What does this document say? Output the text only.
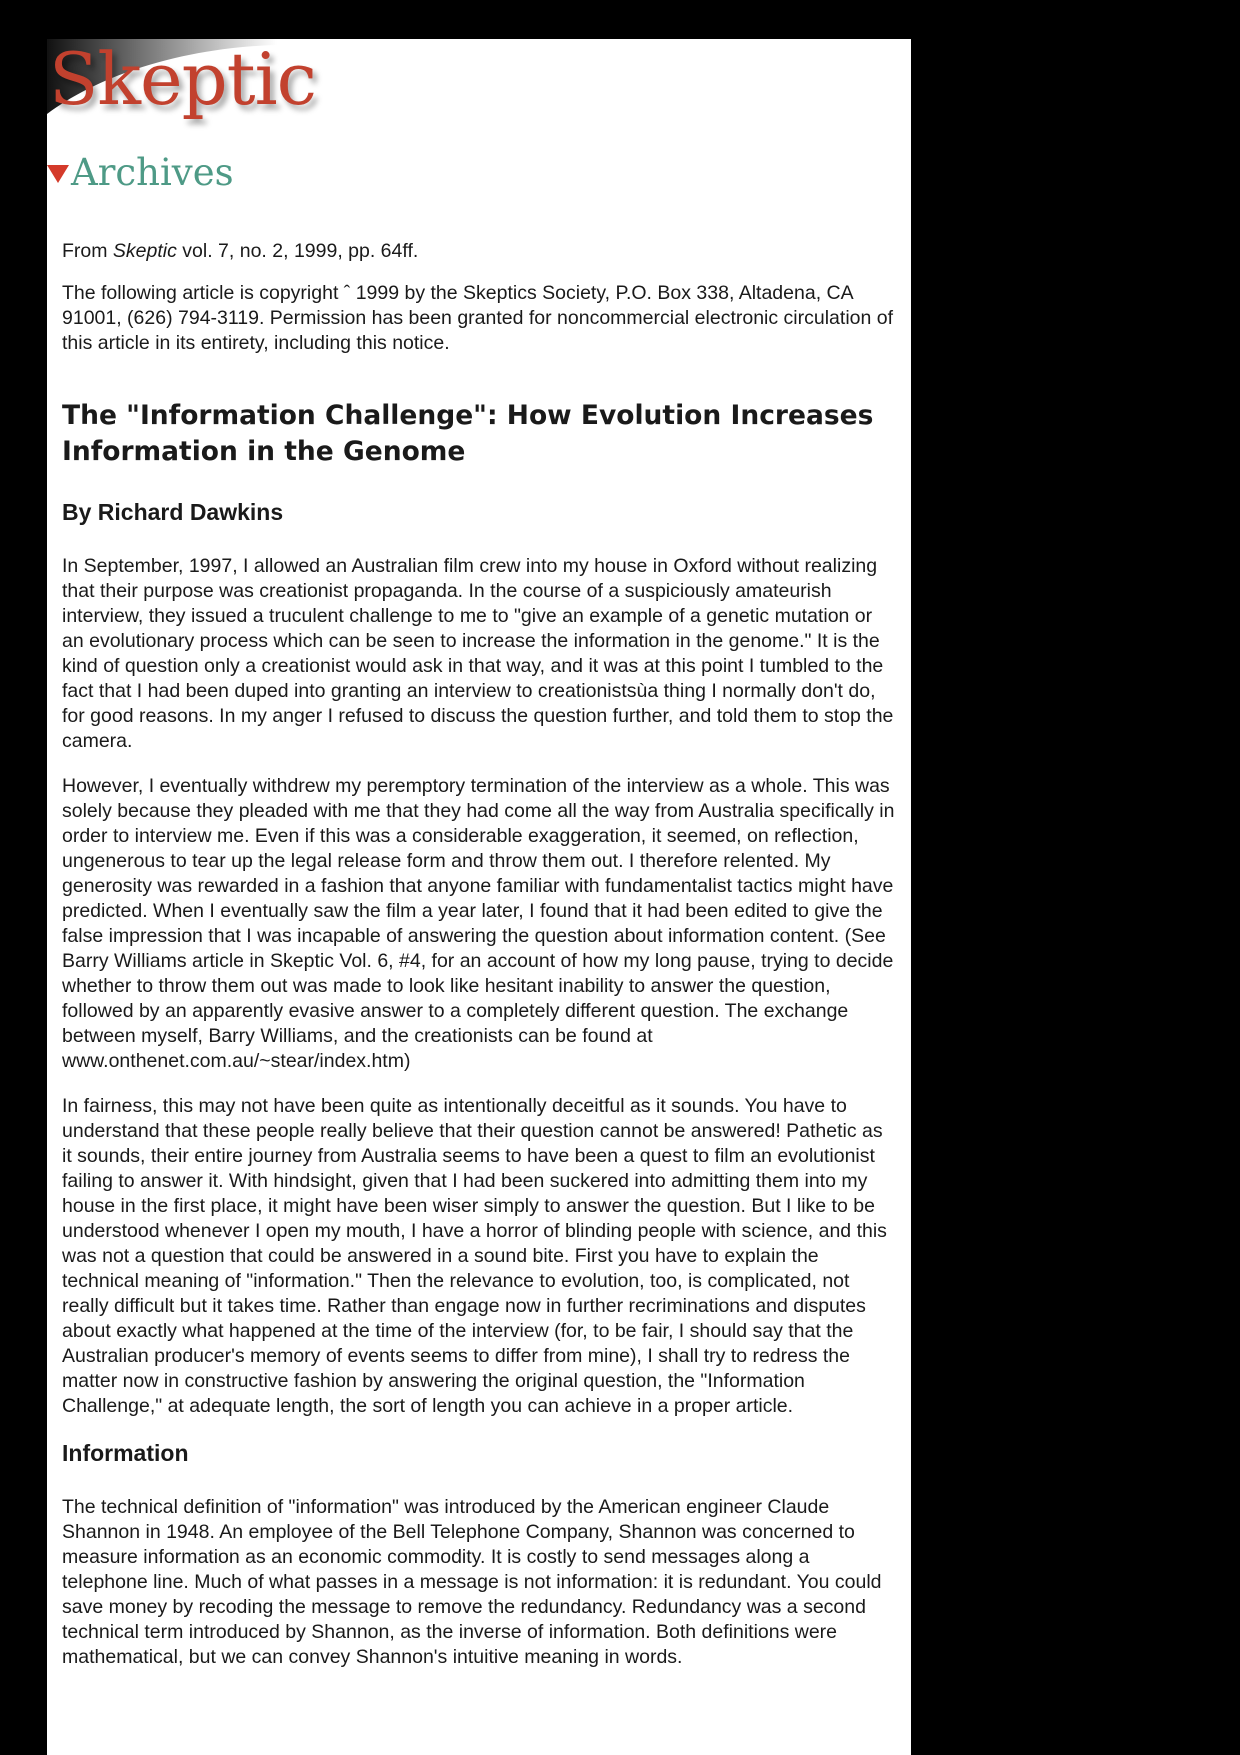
Skeptic
Archives

From Skeptic vol. 7, no. 2, 1999, pp. 64ff.

The following article is copyright ˆ 1999 by the Skeptics Society, P.O. Box 338, Altadena, CA 91001, (626) 794-3119. Permission has been granted for noncommercial electronic circulation of this article in its entirety, including this notice.

The "Information Challenge": How Evolution Increases Information in the Genome
By Richard Dawkins

In September, 1997, I allowed an Australian film crew into my house in Oxford without realizing that their purpose was creationist propaganda. In the course of a suspiciously amateurish interview, they issued a truculent challenge to me to "give an example of a genetic mutation or an evolutionary process which can be seen to increase the information in the genome." It is the kind of question only a creationist would ask in that way, and it was at this point I tumbled to the fact that I had been duped into granting an interview to creationistsùa thing I normally don't do, for good reasons. In my anger I refused to discuss the question further, and told them to stop the camera.

However, I eventually withdrew my peremptory termination of the interview as a whole. This was solely because they pleaded with me that they had come all the way from Australia specifically in order to interview me. Even if this was a considerable exaggeration, it seemed, on reflection, ungenerous to tear up the legal release form and throw them out. I therefore relented. My generosity was rewarded in a fashion that anyone familiar with fundamentalist tactics might have predicted. When I eventually saw the film a year later, I found that it had been edited to give the false impression that I was incapable of answering the question about information content. (See Barry Williams article in Skeptic Vol. 6, #4, for an account of how my long pause, trying to decide whether to throw them out was made to look like hesitant inability to answer the question, followed by an apparently evasive answer to a completely different question. The exchange between myself, Barry Williams, and the creationists can be found at www.onthenet.com.au/~stear/index.htm)

In fairness, this may not have been quite as intentionally deceitful as it sounds. You have to understand that these people really believe that their question cannot be answered! Pathetic as it sounds, their entire journey from Australia seems to have been a quest to film an evolutionist failing to answer it. With hindsight, given that I had been suckered into admitting them into my house in the first place, it might have been wiser simply to answer the question. But I like to be understood whenever I open my mouth, I have a horror of blinding people with science, and this was not a question that could be answered in a sound bite. First you have to explain the technical meaning of "information." Then the relevance to evolution, too, is complicated, not really difficult but it takes time. Rather than engage now in further recriminations and disputes about exactly what happened at the time of the interview (for, to be fair, I should say that the Australian producer's memory of events seems to differ from mine), I shall try to redress the matter now in constructive fashion by answering the original question, the "Information Challenge," at adequate length, the sort of length you can achieve in a proper article.

Information

The technical definition of "information" was introduced by the American engineer Claude Shannon in 1948. An employee of the Bell Telephone Company, Shannon was concerned to measure information as an economic commodity. It is costly to send messages along a telephone line. Much of what passes in a message is not information: it is redundant. You could save money by recoding the message to remove the redundancy. Redundancy was a second technical term introduced by Shannon, as the inverse of information. Both definitions were mathematical, but we can convey Shannon's intuitive meaning in words.
